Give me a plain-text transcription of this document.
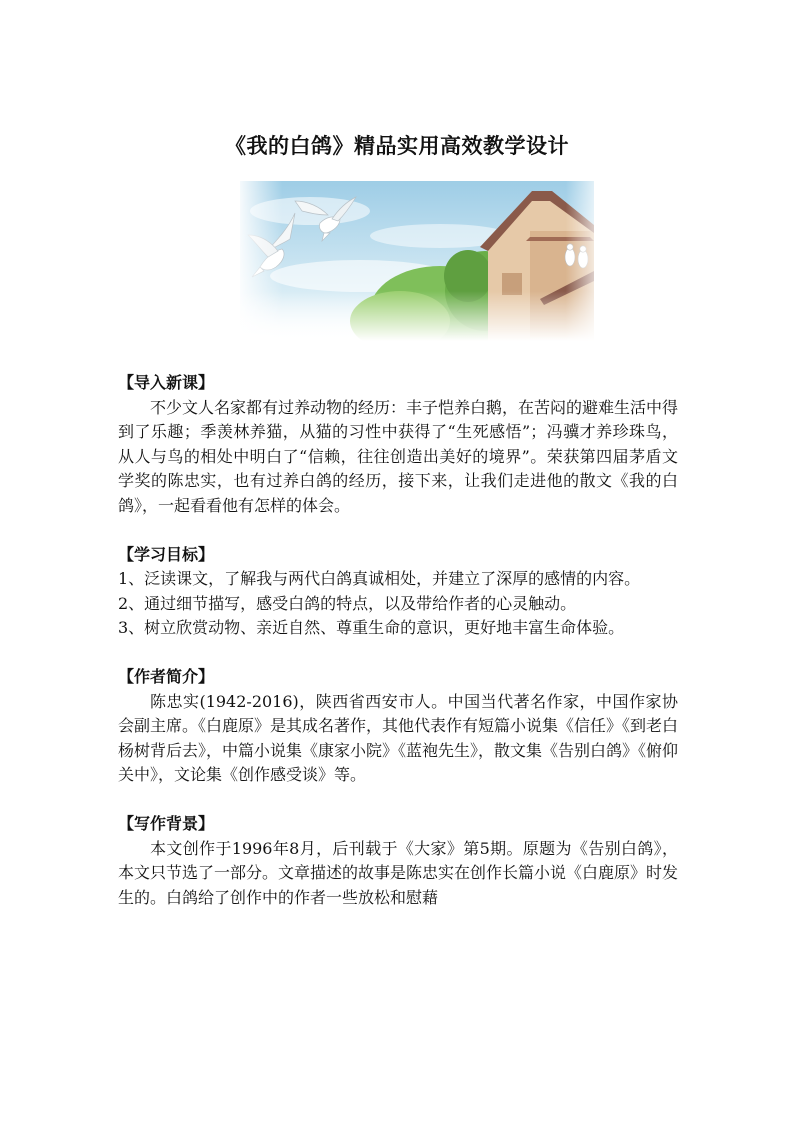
《我的白鸽》精品实用高效教学设计

【导入新课】

不少文人名家都有过养动物的经历：丰子恺养白鹅，在苦闷的避难生活中得到了乐趣；季羡林养猫，从猫的习性中获得了“生死感悟”；冯骥才养珍珠鸟，从人与鸟的相处中明白了“信赖，往往创造出美好的境界”。荣获第四届茅盾文学奖的陈忠实，也有过养白鸽的经历，接下来，让我们走进他的散文《我的白鸽》，一起看看他有怎样的体会。

【学习目标】

1、泛读课文，了解我与两代白鸽真诚相处，并建立了深厚的感情的内容。

2、通过细节描写，感受白鸽的特点，以及带给作者的心灵触动。

3、树立欣赏动物、亲近自然、尊重生命的意识，更好地丰富生命体验。

【作者简介】

陈忠实(1942-2016)，陕西省西安市人。中国当代著名作家，中国作家协会副主席。《白鹿原》是其成名著作，其他代表作有短篇小说集《信任》《到老白杨树背后去》，中篇小说集《康家小院》《蓝袍先生》，散文集《告别白鸽》《俯仰关中》，文论集《创作感受谈》等。

【写作背景】

本文创作于1996年8月，后刊载于《大家》第5期。原题为《告别白鸽》，本文只节选了一部分。文章描述的故事是陈忠实在创作长篇小说《白鹿原》时发生的。白鸽给了创作中的作者一些放松和慰藉
